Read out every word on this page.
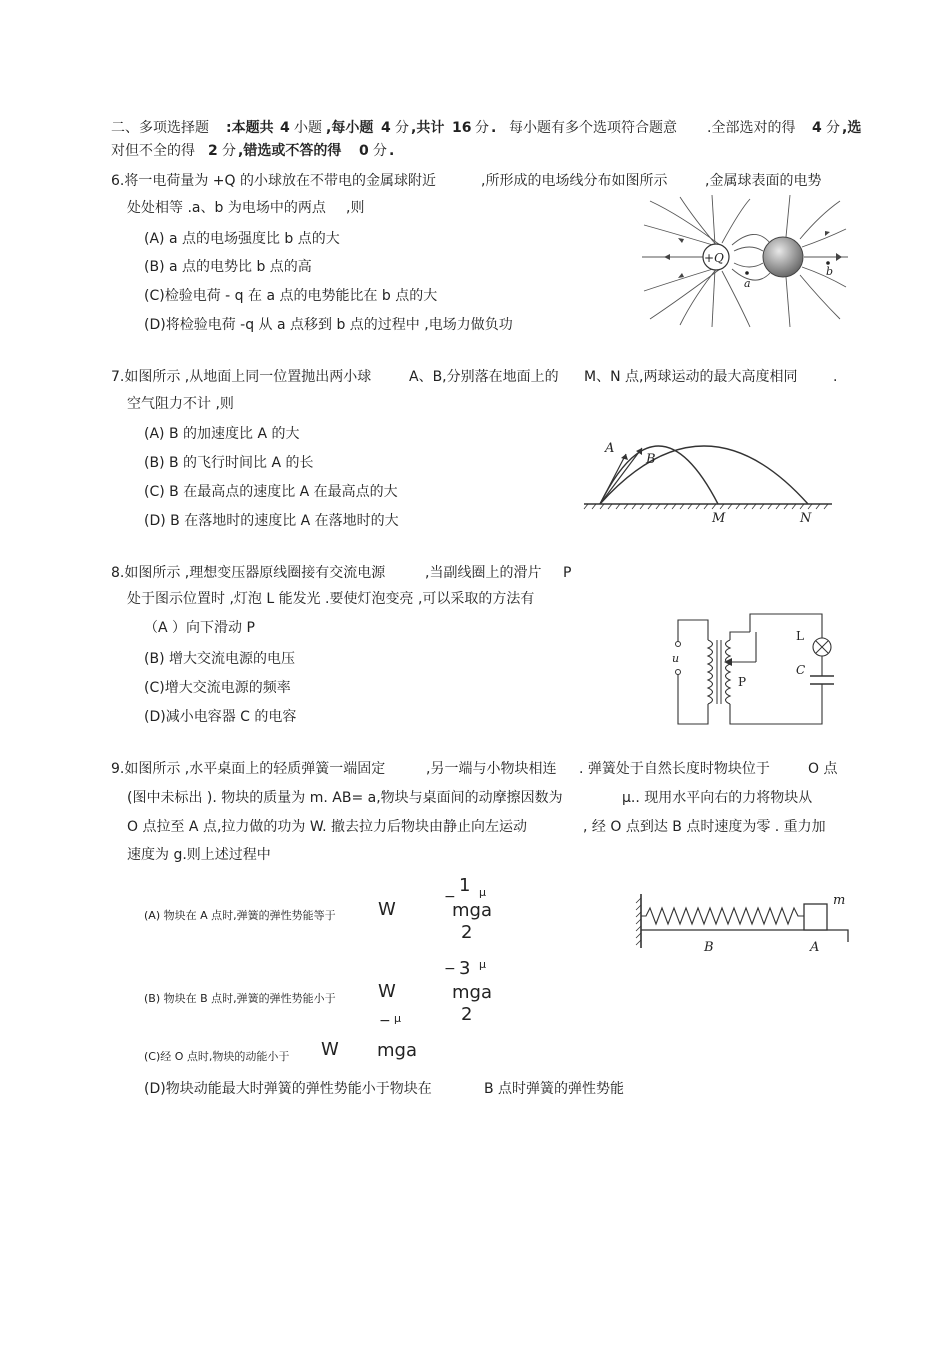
二、多项选择题 :本题共 4 小题 ,每小题 4 分 ,共计 16 分 . 每小题有多个选项符合题意 .全部选对的得 4 分 ,选
对但不全的得 2 分 ,错选或不答的得 0 分 .
6.将一电荷量为 +Q 的小球放在不带电的金属球附近	,所形成的电场线分布如图所示	,金属球表面的电势
处处相等 .a、b 为电场中的两点 ,则
(A) a 点的电场强度比 b 点的大
(B) a 点的电势比 b 点的高
(C)检验电荷 - q 在 a 点的电势能比在 b 点的大
(D)将检验电荷 -q 从 a 点移到 b 点的过程中 ,电场力做负功
+Q
a
b
7.如图所示 ,从地面上同一位置抛出两小球	A、B,分别落在地面上的 M、N 点,两球运动的最大高度相同	.
空气阻力不计 ,则
(A) B 的加速度比 A 的大
(B) B 的飞行时间比 A 的长
(C) B 在最高点的速度比 A 在最高点的大
(D) B 在落地时的速度比 A 在落地时的大
A
B
M	N
8.如图所示 ,理想变压器原线圈接有交流电源	,当副线圈上的滑片 P
处于图示位置时 ,灯泡 L 能发光 .要使灯泡变亮 ,可以采取的方法有
（A ）向下滑动 P
(B) 增大交流电源的电压
(C)增大交流电源的频率
(D)减小电容器 C 的电容
u
P
L
C
9.如图所示 ,水平桌面上的轻质弹簧一端固定	,另一端与小物块相连 . 弹簧处于自然长度时物块位于	O 点
(图中未标出 ). 物块的质量为 m. AB= a,物块与桌面间的动摩擦因数为	μ.. 现用水平向右的力将物块从
O 点拉至 A 点,拉力做的功为 W. 撤去拉力后物块由静止向左运动	, 经 O 点到达 B 点时速度为零 . 重力加
速度为 g.则上述过程中
(A) 物块在 A 点时,弹簧的弹性势能等于 W
−
1 μ
mga
2
(B) 物块在 B 点时,弹簧的弹性势能小于 W
− 3 μ
mga
2
− μ
(C)经 O 点时,物块的动能小于 W mga
(D)物块动能最大时弹簧的弹性势能小于物块在	B 点时弹簧的弹性势能
m
B	A
